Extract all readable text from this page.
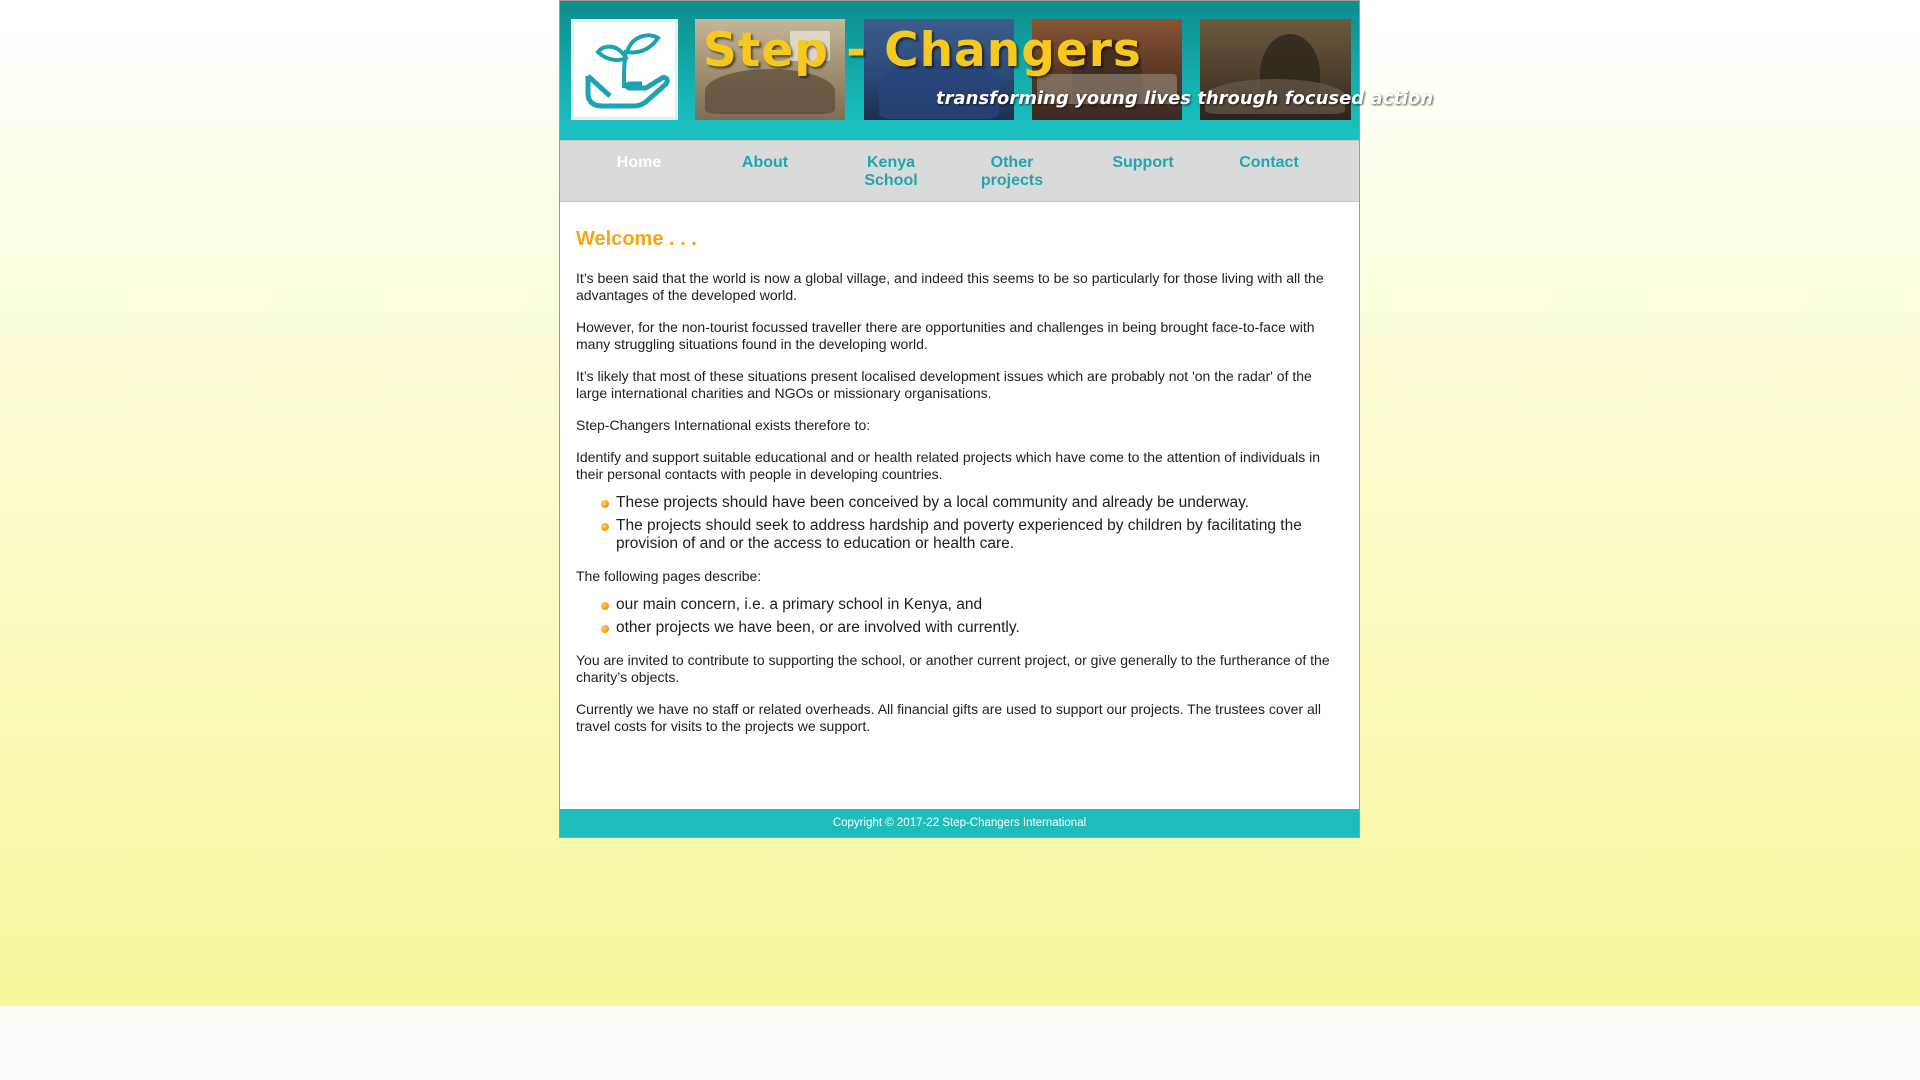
Step - Changers
transforming young lives through focused action
Home	About	Kenya School
Other projects
Support	Contact
Welcome . . .

It’s been said that the world is now a global village, and indeed this seems to be so particularly for those living with all the advantages of the developed world.

However, for the non-tourist focussed traveller there are opportunities and challenges in being brought face-to-face with many struggling situations found in the developing world.

It’s likely that most of these situations present localised development issues which are probably not 'on the radar' of the large international charities and NGOs or missionary organisations.

Step-Changers International exists therefore to:

Identify and support suitable educational and or health related projects which have come to the attention of individuals in their personal contacts with people in developing countries.

These projects should have been conceived by a local community and already be underway.
The projects should seek to address hardship and poverty experienced by children by facilitating the provision of and or the access to education or health care.

The following pages describe:

our main concern, i.e. a primary school in Kenya, and
other projects we have been, or are involved with currently.

You are invited to contribute to supporting the school, or another current project, or give generally to the furtherance of the charity’s objects.

Currently we have no staff or related overheads. All financial gifts are used to support our projects. The trustees cover all travel costs for visits to the projects we support.

Copyright © 2017-22 Step-Changers International
